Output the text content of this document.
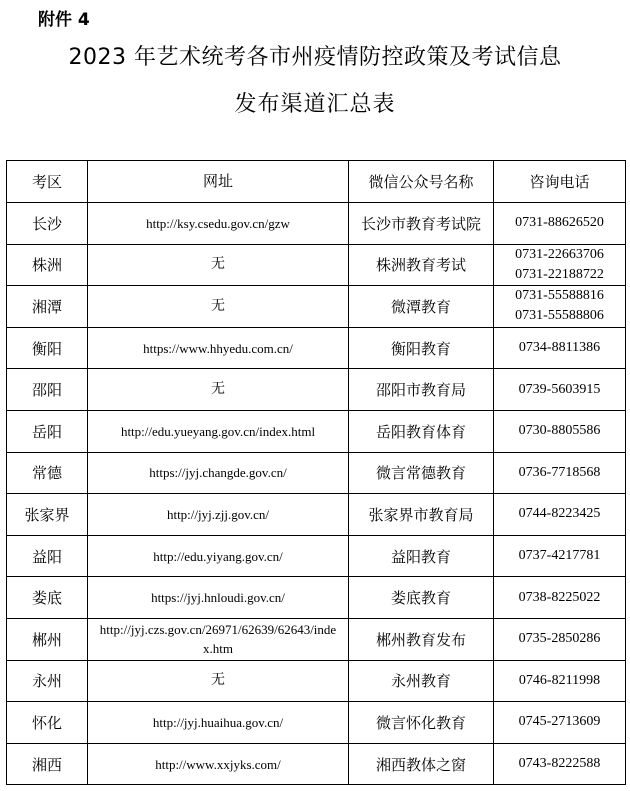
附件 4
2023 年艺术统考各市州疫情防控政策及考试信息
发布渠道汇总表
考区	网址	微信公众号名称	咨询电话
长沙	http://ksy.csedu.gov.cn/gzw	长沙市教育考试院	0731-88626520

株洲	无	株洲教育考试	0731-22663706
0731-22188722

湘潭	无	微潭教育	0731-55588816
0731-55588806

衡阳	https://www.hhyedu.com.cn/	衡阳教育	0734-8811386

邵阳	无	邵阳市教育局	0739-5603915

岳阳	http://edu.yueyang.gov.cn/index.html	岳阳教育体育	0730-8805586

常德	https://jyj.changde.gov.cn/	微言常德教育	0736-7718568

张家界	http://jyj.zjj.gov.cn/	张家界市教育局	0744-8223425

益阳	http://edu.yiyang.gov.cn/	益阳教育	0737-4217781

娄底	https://jyj.hnloudi.gov.cn/	娄底教育	0738-8225022

郴州	http://jyj.czs.gov.cn/26971/62639/62643/index.htm	郴州教育发布	0735-2850286

永州	无	永州教育	0746-8211998

怀化	http://jyj.huaihua.gov.cn/	微言怀化教育	0745-2713609

湘西	http://www.xxjyks.com/	湘西教体之窗	0743-8222588
